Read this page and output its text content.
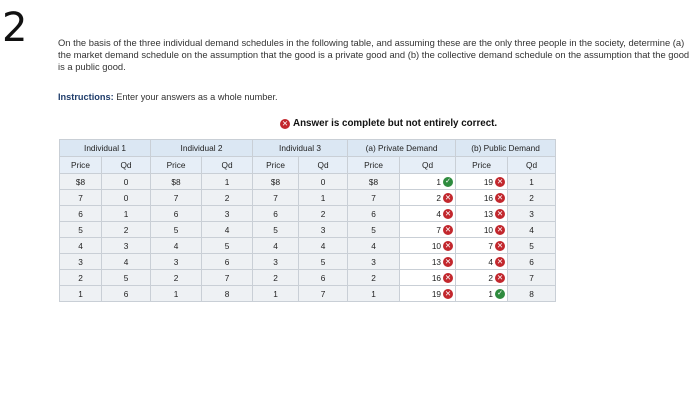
2	On the basis of the three individual demand schedules in the following table, and assuming these are the only three people in the society, determine (a) the market demand schedule on the assumption that the good is a private good and (b) the collective demand schedule on the assumption that the good is a public good.
Instructions: Enter your answers as a whole number.
✕ Answer is complete but not entirely correct.
Individual 1		Individual 2		Individual 3		(a) Private Demand		(b) Public Demand	
Price	Qd	Price	Qd	Price	Qd	Price	Qd	Price	Qd
$8	0	$8	1	$8	0	$8	1 ✓	19 ✕	1
7	0	7	2	7	1	7	2 ✕	16 ✕	2
6	1	6	3	6	2	6	4 ✕	13 ✕	3
5	2	5	4	5	3	5	7 ✕	10 ✕	4
4	3	4	5	4	4	4	10 ✕	7 ✕	5
3	4	3	6	3	5	3	13 ✕	4 ✕	6
2	5	2	7	2	6	2	16 ✕	2 ✕	7
1	6	1	8	1	7	1	19 ✕	1 ✓	8
